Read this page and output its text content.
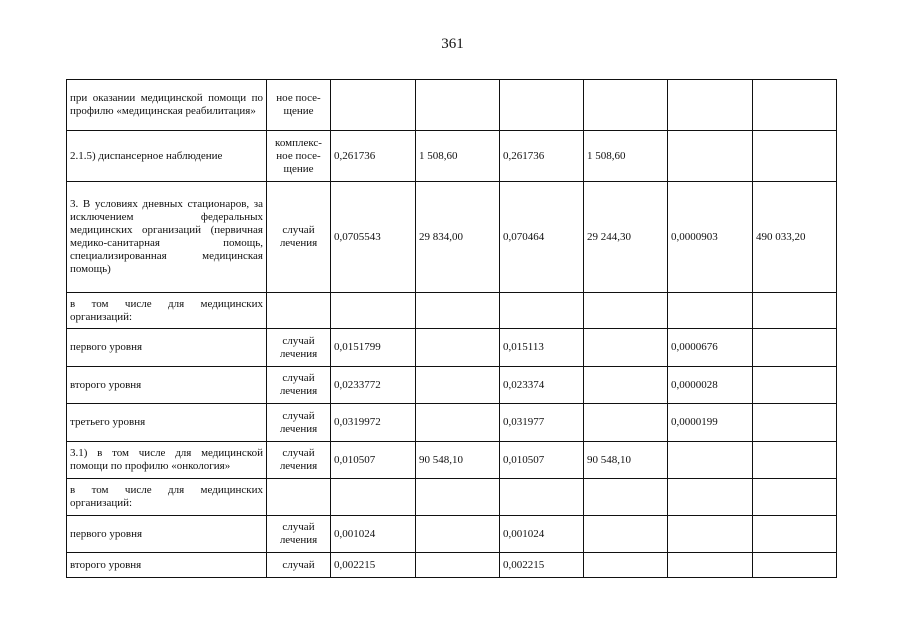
361
при оказании медицинской помощи по профилю «медицинская реабилитация»	ное посе-щение						
2.1.5) диспансерное наблюдение	комплекс-ное посе-щение	0,261736	1 508,60	0,261736	1 508,60		
3. В условиях дневных стационаров, за исключением федеральных медицинских организаций (первичная медико-санитарная помощь, специализированная медицинская помощь)	случай лечения	0,0705543	29 834,00	0,070464	29 244,30	0,0000903	490 033,20
в том числе для медицинских организаций:							
первого уровня	случай лечения	0,0151799		0,015113		0,0000676	
второго уровня	случай лечения	0,0233772		0,023374		0,0000028	
третьего уровня	случай лечения	0,0319972		0,031977		0,0000199	
3.1) в том числе для медицинской помощи по профилю «онкология»	случай лечения	0,010507	90 548,10	0,010507	90 548,10		
в том числе для медицинских организаций:							
первого уровня	случай лечения	0,001024		0,001024			
второго уровня	случай	0,002215		0,002215			
